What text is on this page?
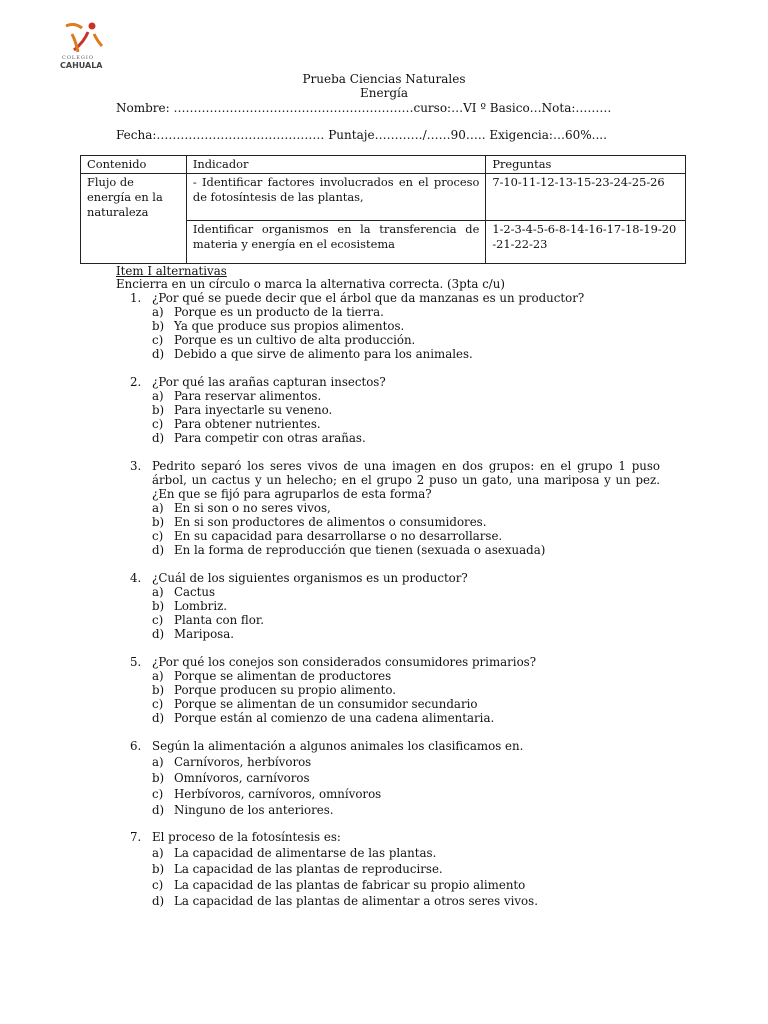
COLEGIO
CAHUALA
Prueba Ciencias Naturales
Energía
Nombre: ……………………………………………………curso:…VI º Basico…Nota:………
Fecha:…………………………………… Puntaje…………/……90….. Exigencia:…60%....
Contenido	Indicador	Preguntas
Flujo de energía en la naturaleza	- Identificar factores involucrados en el proceso de fotosíntesis de las plantas,	7-10-11-12-13-15-23-24-25-26
	Identificar organismos en la transferencia de materia y energía en el ecosistema	1-2-3-4-5-6-8-14-16-17-18-19-20-21-22-23
Item I alternativas
Encierra en un círculo o marca la alternativa correcta. (3pta c/u)
1. ¿Por qué se puede decir que el árbol que da manzanas es un productor?
a) Porque es un producto de la tierra.
b) Ya que produce sus propios alimentos.
c) Porque es un cultivo de alta producción.
d) Debido a que sirve de alimento para los animales.
2. ¿Por qué las arañas capturan insectos?
a) Para reservar alimentos.
b) Para inyectarle su veneno.
c) Para obtener nutrientes.
d) Para competir con otras arañas.
3. Pedrito separó los seres vivos de una imagen en dos grupos: en el grupo 1 puso árbol, un cactus y un helecho; en el grupo 2 puso un gato, una mariposa y un pez. ¿En que se fijó para agruparlos de esta forma?
a) En si son o no seres vivos,
b) En si son productores de alimentos o consumidores.
c) En su capacidad para desarrollarse o no desarrollarse.
d) En la forma de reproducción que tienen (sexuada o asexuada)
4. ¿Cuál de los siguientes organismos es un productor?
a) Cactus
b) Lombriz.
c) Planta con flor.
d) Mariposa.
5. ¿Por qué los conejos son considerados consumidores primarios?
a) Porque se alimentan de productores
b) Porque producen su propio alimento.
c) Porque se alimentan de un consumidor secundario
d) Porque están al comienzo de una cadena alimentaria.
6. Según la alimentación a algunos animales los clasificamos en.
a) Carnívoros, herbívoros
b) Omnívoros, carnívoros
c) Herbívoros, carnívoros, omnívoros
d) Ninguno de los anteriores.
7. El proceso de la fotosíntesis es:
a) La capacidad de alimentarse de las plantas.
b) La capacidad de las plantas de reproducirse.
c) La capacidad de las plantas de fabricar su propio alimento
d) La capacidad de las plantas de alimentar a otros seres vivos.
